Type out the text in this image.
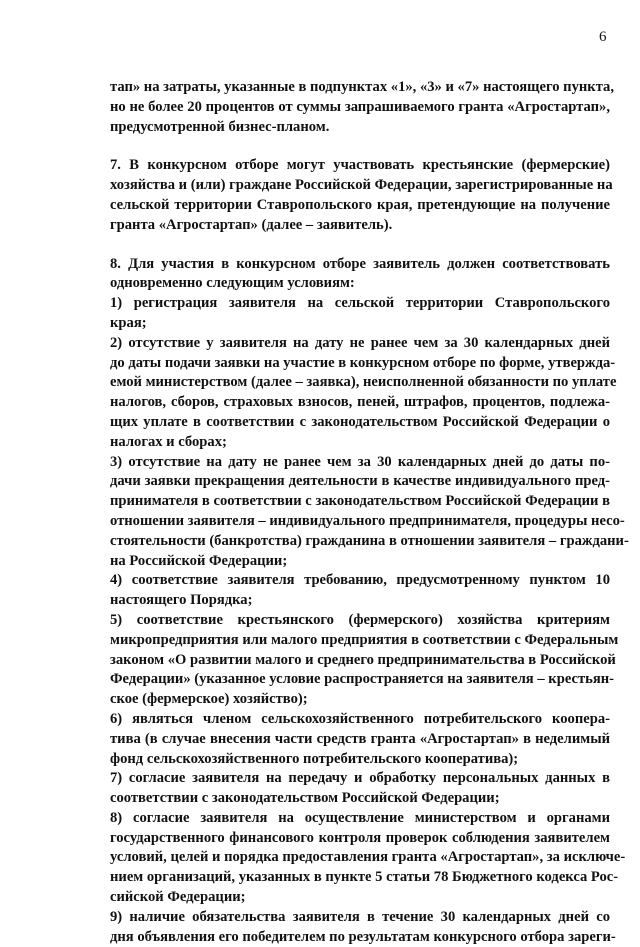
6

тап» на затраты, указанные в подпунктах «1», «3» и «7» настоящего пункта,
но не более 20 процентов от суммы запрашиваемого гранта «Агростартап»,
предусмотренной бизнес-планом.

7. В конкурсном отборе могут участвовать крестьянские (фермерские)
хозяйства и (или) граждане Российской Федерации, зарегистрированные на
сельской территории Ставропольского края, претендующие на получение
гранта «Агростартап» (далее – заявитель).

8. Для участия в конкурсном отборе заявитель должен соответствовать
одновременно следующим условиям:
1) регистрация заявителя на сельской территории Ставропольского
края;
2) отсутствие у заявителя на дату не ранее чем за 30 календарных дней
до даты подачи заявки на участие в конкурсном отборе по форме, утвержда-
емой министерством (далее – заявка), неисполненной обязанности по уплате
налогов, сборов, страховых взносов, пеней, штрафов, процентов, подлежа-
щих уплате в соответствии с законодательством Российской Федерации о
налогах и сборах;
3) отсутствие на дату не ранее чем за 30 календарных дней до даты по-
дачи заявки прекращения деятельности в качестве индивидуального пред-
принимателя в соответствии с законодательством Российской Федерации в
отношении заявителя – индивидуального предпринимателя, процедуры несо-
стоятельности (банкротства) гражданина в отношении заявителя – граждани-
на Российской Федерации;
4) соответствие заявителя требованию, предусмотренному пунктом 10
настоящего Порядка;
5) соответствие крестьянского (фермерского) хозяйства критериям
микропредприятия или малого предприятия в соответствии с Федеральным
законом «О развитии малого и среднего предпринимательства в Российской
Федерации» (указанное условие распространяется на заявителя – крестьян-
ское (фермерское) хозяйство);
6) являться членом сельскохозяйственного потребительского коопера-
тива (в случае внесения части средств гранта «Агростартап» в неделимый
фонд сельскохозяйственного потребительского кооператива);
7) согласие заявителя на передачу и обработку персональных данных в
соответствии с законодательством Российской Федерации;
8) согласие заявителя на осуществление министерством и органами
государственного финансового контроля проверок соблюдения заявителем
условий, целей и порядка предоставления гранта «Агростартап», за исключе-
нием организаций, указанных в пункте 5 статьи 78 Бюджетного кодекса Рос-
сийской Федерации;
9) наличие обязательства заявителя в течение 30 календарных дней со
дня объявления его победителем по результатам конкурсного отбора зареги-
